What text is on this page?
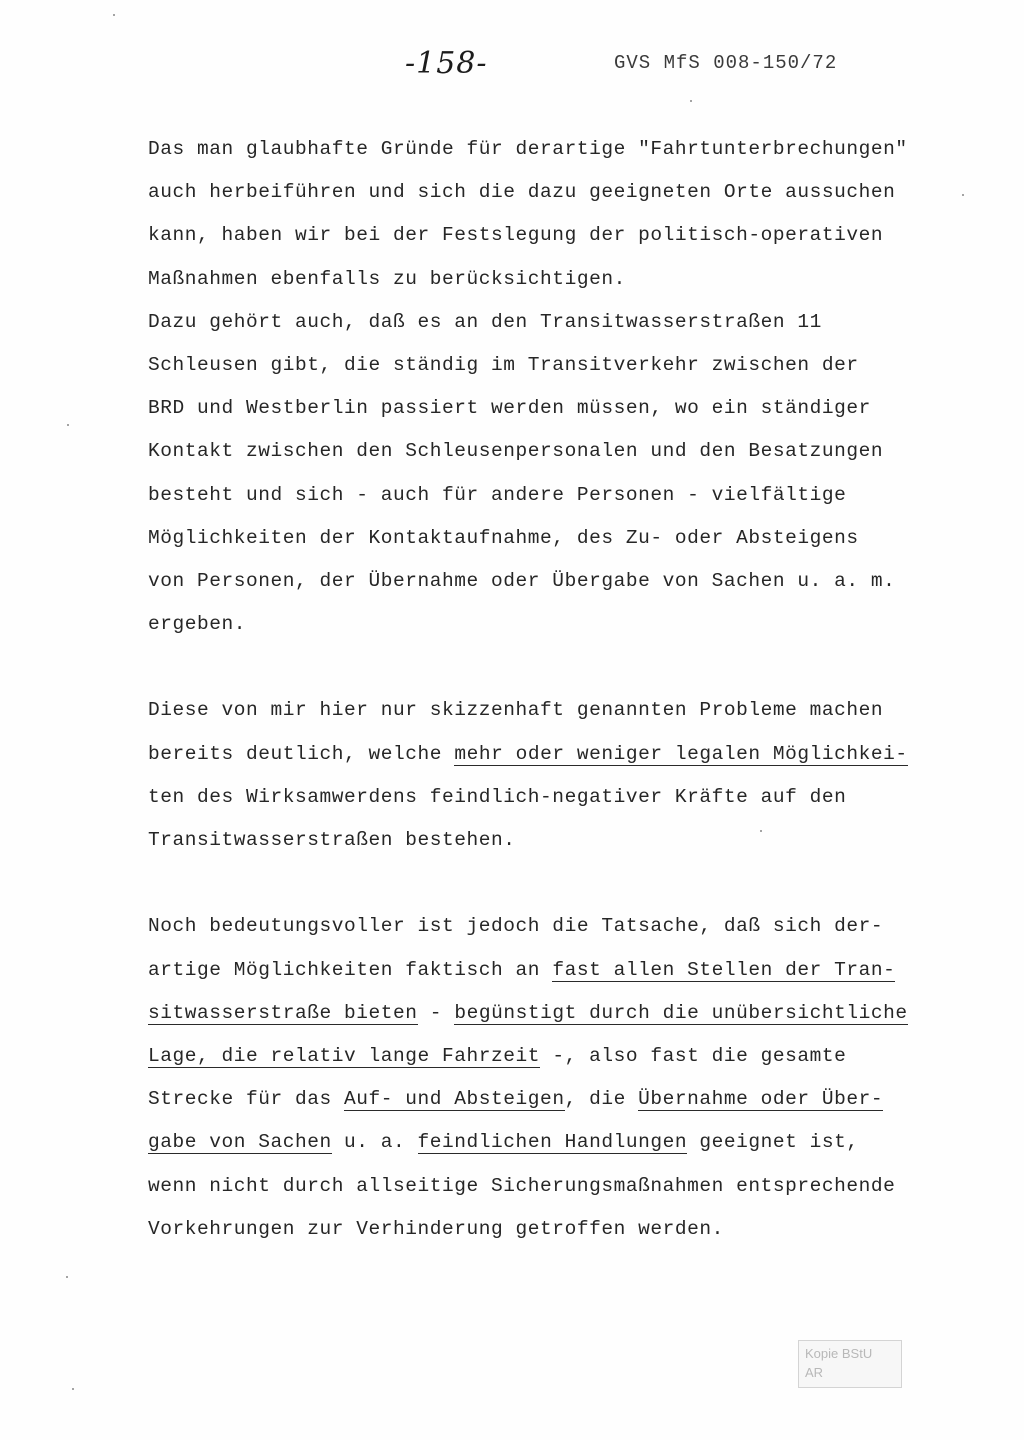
-158-	GVS MfS 008-150/72
Das man glaubhafte Gründe für derartige "Fahrtunterbrechungen"
auch herbeiführen und sich die dazu geeigneten Orte aussuchen
kann, haben wir bei der Festslegung der politisch-operativen
Maßnahmen ebenfalls zu berücksichtigen.
Dazu gehört auch, daß es an den Transitwasserstraßen 11
Schleusen gibt, die ständig im Transitverkehr zwischen der
BRD und Westberlin passiert werden müssen, wo ein ständiger
Kontakt zwischen den Schleusenpersonalen und den Besatzungen
besteht und sich - auch für andere Personen - vielfältige
Möglichkeiten der Kontaktaufnahme, des Zu- oder Absteigens
von Personen, der Übernahme oder Übergabe von Sachen u. a. m.
ergeben.
Diese von mir hier nur skizzenhaft genannten Probleme machen
bereits deutlich, welche mehr oder weniger legalen Möglichkei-
ten des Wirksamwerdens feindlich-negativer Kräfte auf den
Transitwasserstraßen bestehen.
Noch bedeutungsvoller ist jedoch die Tatsache, daß sich der-
artige Möglichkeiten faktisch an fast allen Stellen der Tran-
sitwasserstraße bieten - begünstigt durch die unübersichtliche
Lage, die relativ lange Fahrzeit -, also fast die gesamte
Strecke für das Auf- und Absteigen, die Übernahme oder Über-
gabe von Sachen u. a. feindlichen Handlungen geeignet ist,
wenn nicht durch allseitige Sicherungsmaßnahmen entsprechende
Vorkehrungen zur Verhinderung getroffen werden.
Kopie BStU
AR
